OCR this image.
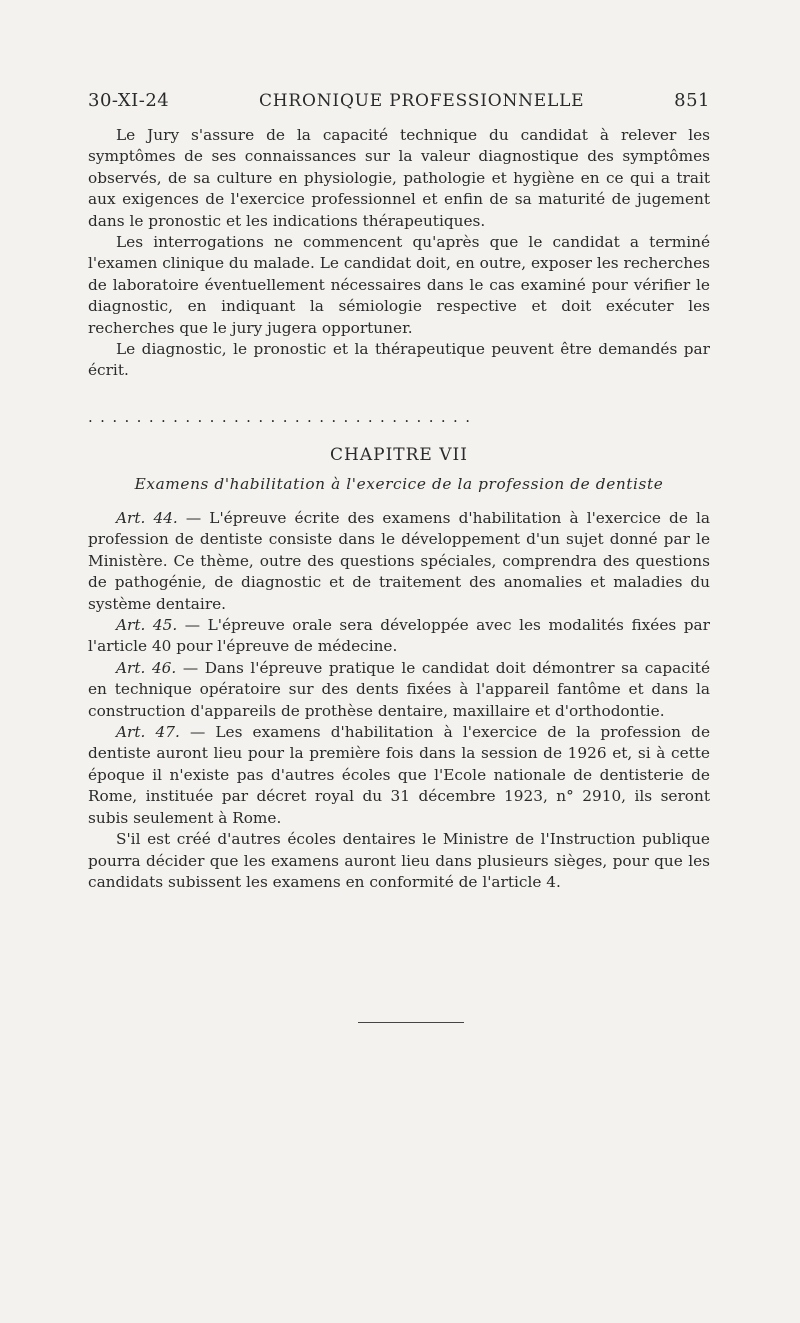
30-XI-24	CHRONIQUE PROFESSIONNELLE	851

Le Jury s'assure de la capacité technique du candidat à relever les symptômes de ses connaissances sur la valeur diagnostique des symptômes observés, de sa culture en physiologie, pathologie et hygiène en ce qui a trait aux exigences de l'exercice professionnel et enfin de sa maturité de jugement dans le pronostic et les indications thérapeutiques.

Les interrogations ne commencent qu'après que le candidat a terminé l'examen clinique du malade. Le candidat doit, en outre, exposer les recherches de laboratoire éventuellement nécessaires dans le cas examiné pour vérifier le diagnostic, en indiquant la sémiologie respective et doit exécuter les recherches que le jury jugera opportuner.

Le diagnostic, le pronostic et la thérapeutique peuvent être demandés par écrit.

................................
CHAPITRE VII
Examens d'habilitation à l'exercice de la profession de dentiste

Art. 44. — L'épreuve écrite des examens d'habilitation à l'exercice de la profession de dentiste consiste dans le développement d'un sujet donné par le Ministère. Ce thème, outre des questions spéciales, comprendra des questions de pathogénie, de diagnostic et de traitement des anomalies et maladies du système dentaire.

Art. 45. — L'épreuve orale sera développée avec les modalités fixées par l'article 40 pour l'épreuve de médecine.

Art. 46. — Dans l'épreuve pratique le candidat doit démontrer sa capacité en technique opératoire sur des dents fixées à l'appareil fantôme et dans la construction d'appareils de prothèse dentaire, maxillaire et d'orthodontie.

Art. 47. — Les examens d'habilitation à l'exercice de la profession de dentiste auront lieu pour la première fois dans la session de 1926 et, si à cette époque il n'existe pas d'autres écoles que l'Ecole nationale de dentisterie de Rome, instituée par décret royal du 31 décembre 1923, n° 2910, ils seront subis seulement à Rome.

S'il est créé d'autres écoles dentaires le Ministre de l'Instruction publique pourra décider que les examens auront lieu dans plusieurs sièges, pour que les candidats subissent les examens en conformité de l'article 4.
